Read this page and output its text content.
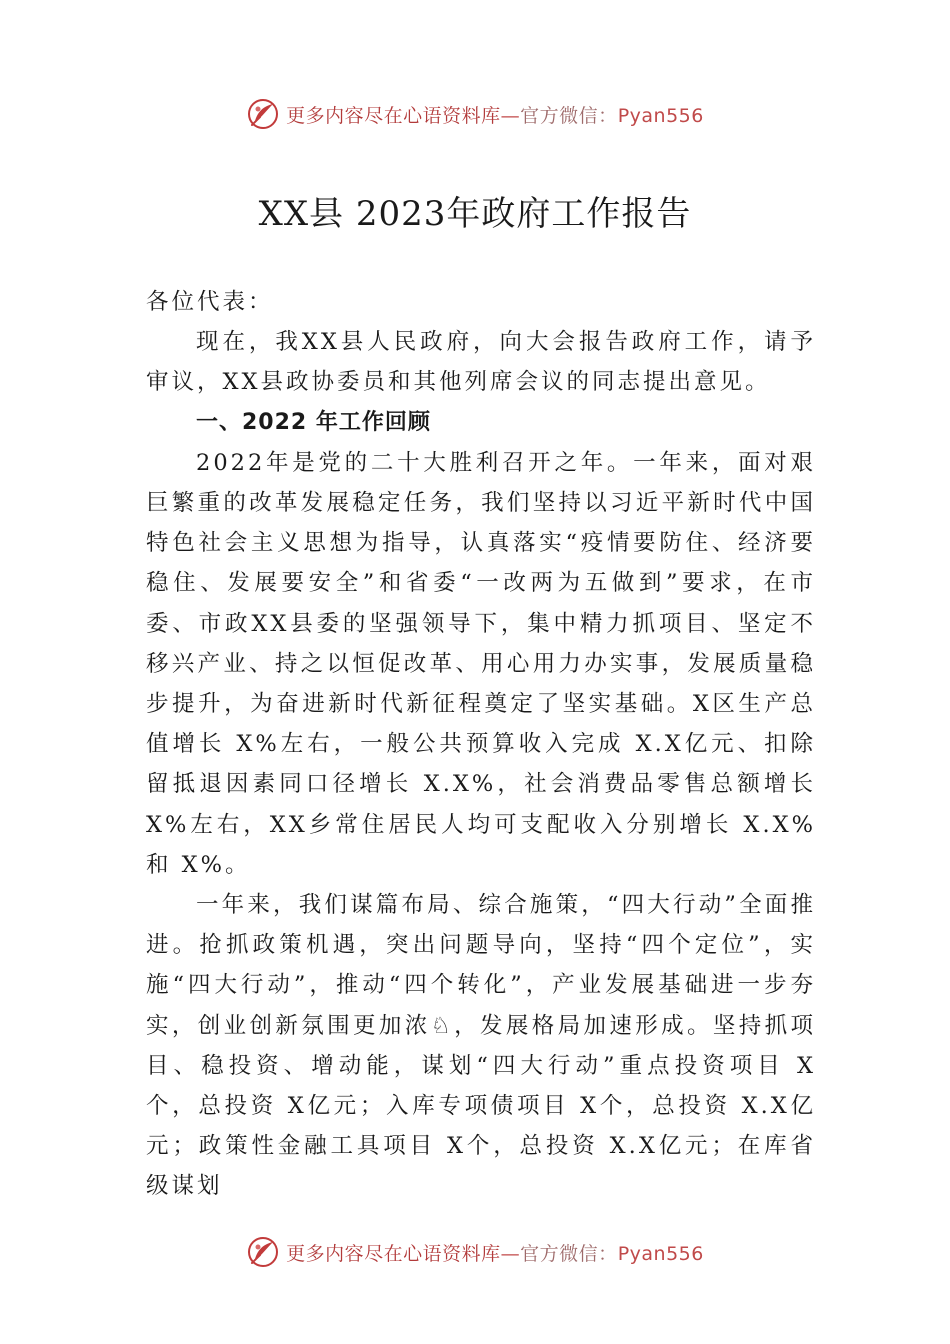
更多内容尽在心语资料库—官方微信：Pyan556
XX县 2023年政府工作报告

各位代表：

现在，我XX县人民政府，向大会报告政府工作，请予审议，XX县政协委员和其他列席会议的同志提出意见。

一、2022 年工作回顾

2022年是党的二十大胜利召开之年。一年来，面对艰巨繁重的改革发展稳定任务，我们坚持以习近平新时代中国特色社会主义思想为指导，认真落实“疫情要防住、经济要稳住、发展要安全”和省委“一改两为五做到”要求，在市委、市政XX县委的坚强领导下，集中精力抓项目、坚定不移兴产业、持之以恒促改革、用心用力办实事，发展质量稳步提升，为奋进新时代新征程奠定了坚实基础。X区生产总值增长 X%左右，一般公共预算收入完成 X.X亿元、扣除留抵退因素同口径增长 X.X%，社会消费品零售总额增长 X%左右，XX乡常住居民人均可支配收入分别增长 X.X%和 X%。

一年来，我们谋篇布局、综合施策，“四大行动”全面推进。抢抓政策机遇，突出问题导向，坚持“四个定位”，实施“四大行动”，推动“四个转化”，产业发展基础进一步夯实，创业创新氛围更加浓♘，发展格局加速形成。坚持抓项目、稳投资、增动能，谋划“四大行动”重点投资项目 X个，总投资 X亿元；入库专项债项目 X个，总投资 X.X亿元；政策性金融工具项目 X个，总投资 X.X亿元；在库省级谋划

更多内容尽在心语资料库—官方微信：Pyan556
